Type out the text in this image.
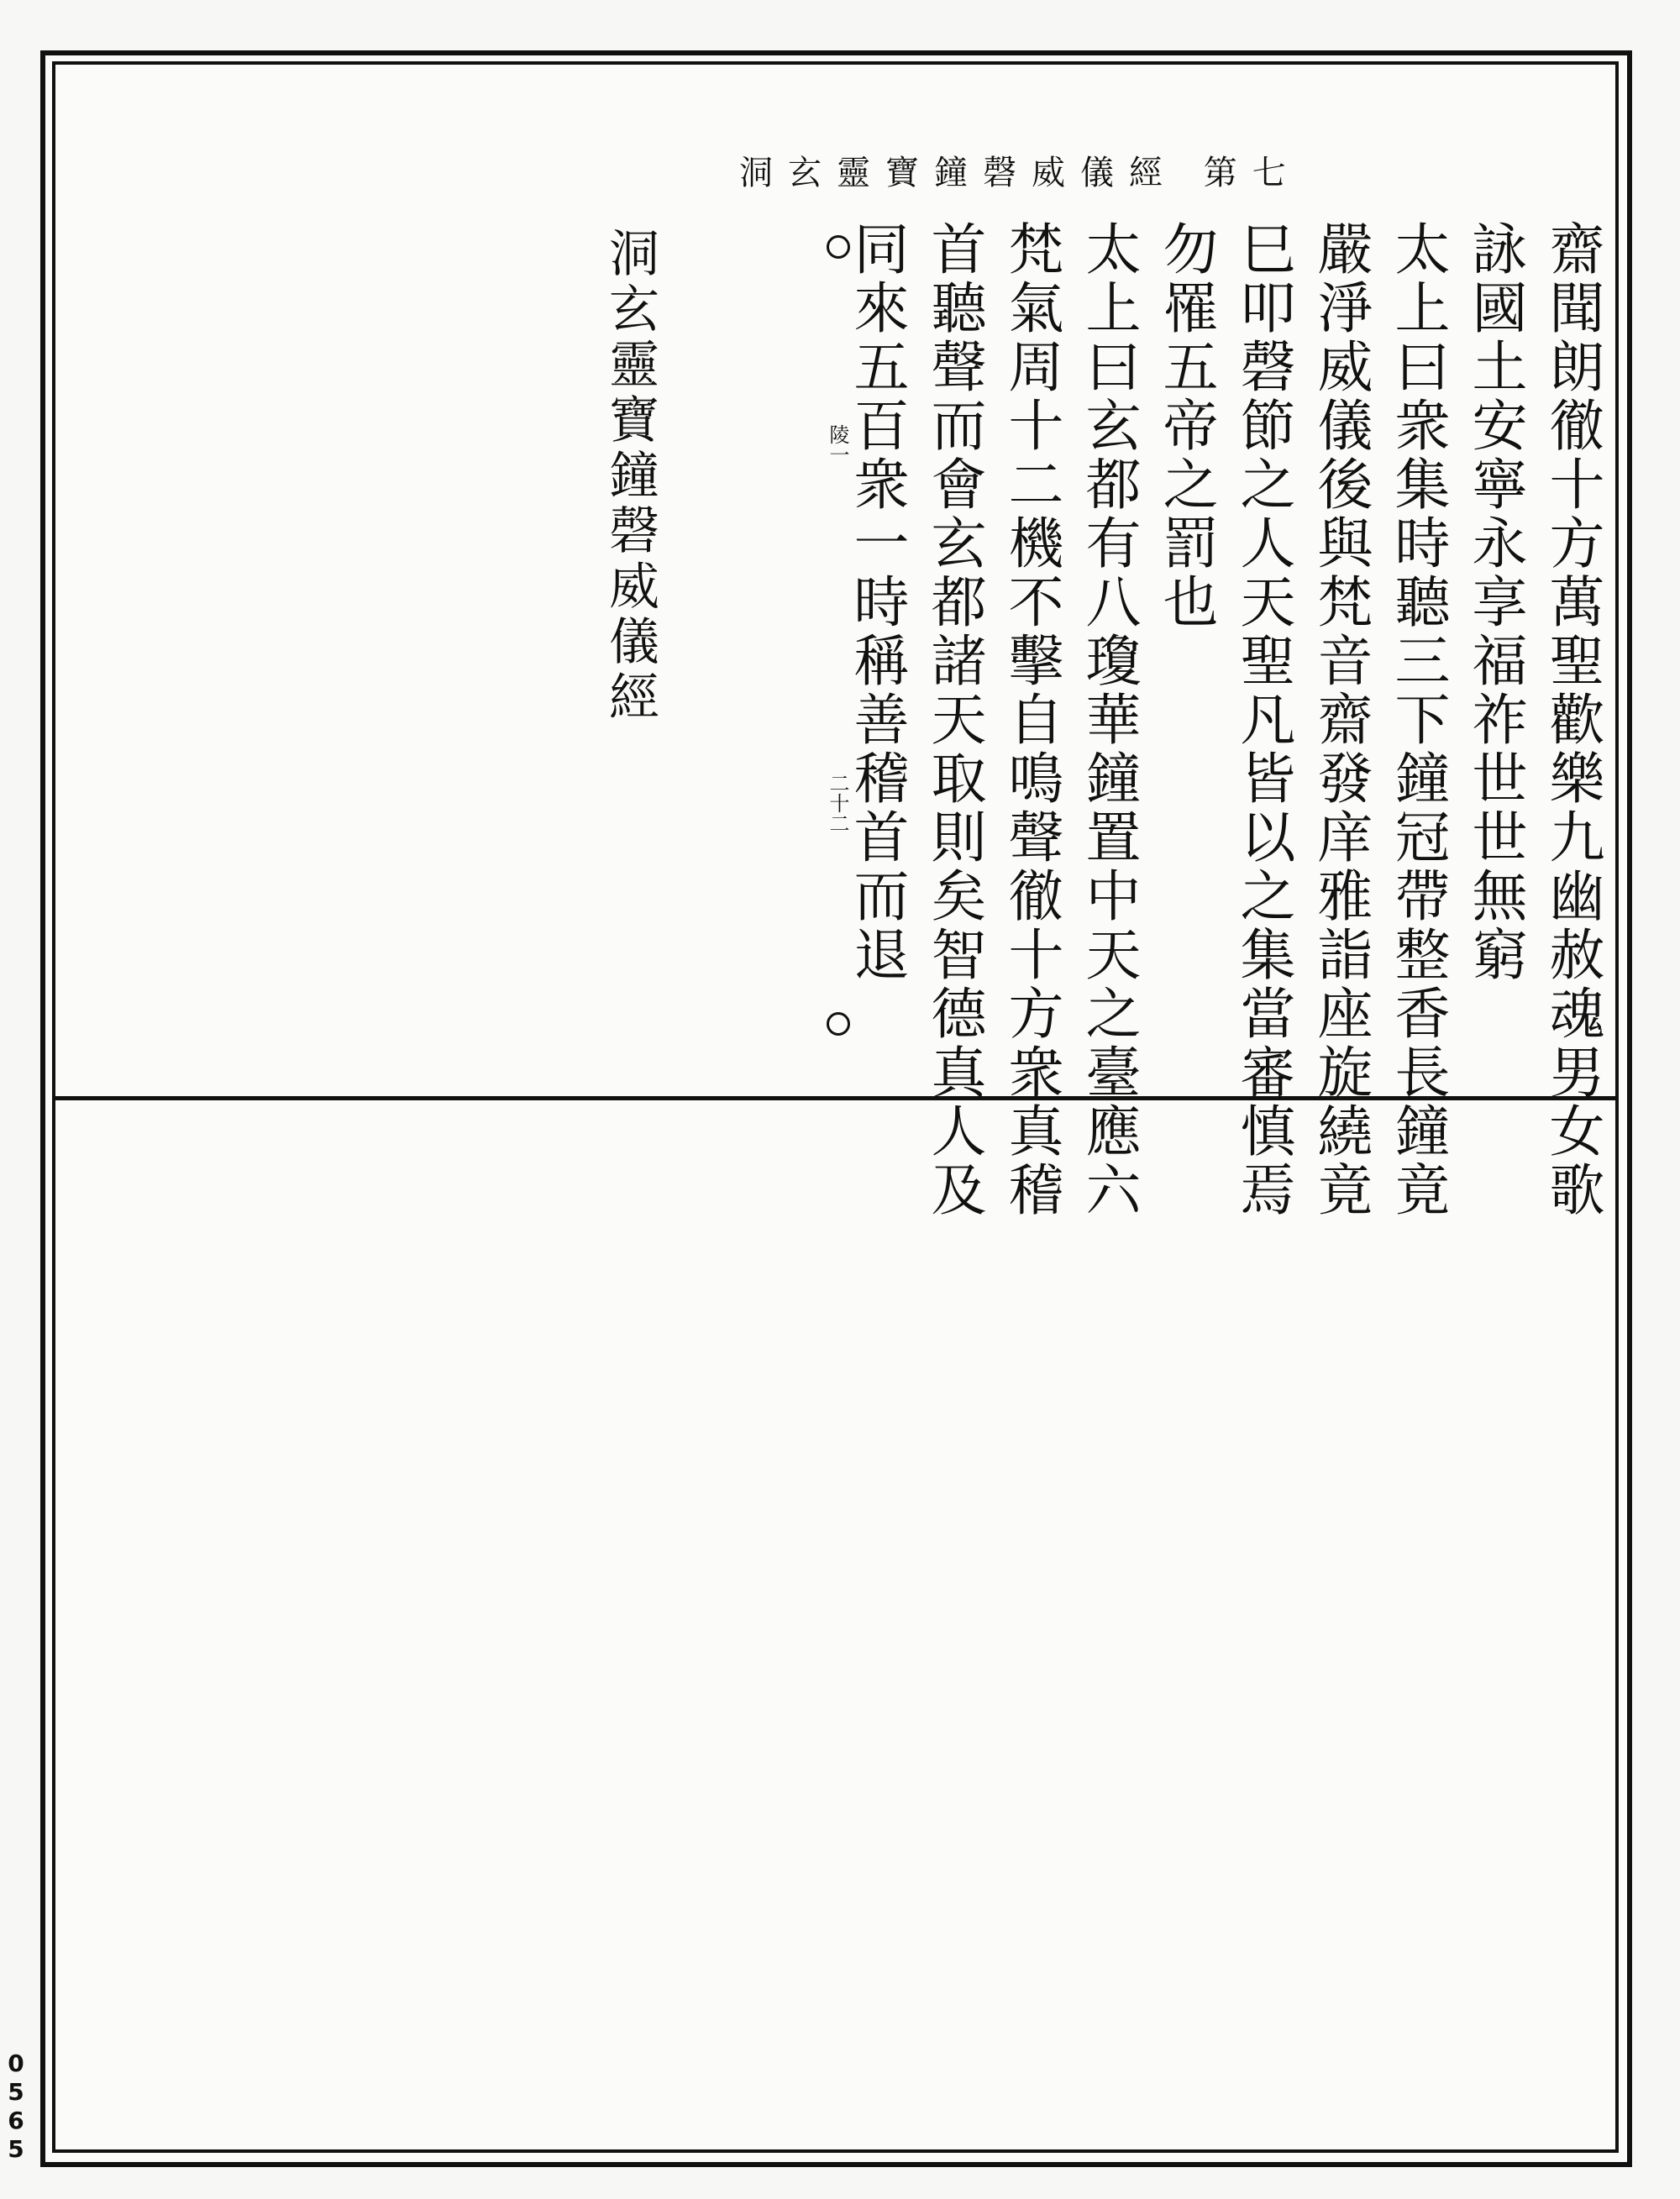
洞玄靈寶鐘磬威儀經 第七

齋聞朗徹十方萬聖歡樂九幽赦魂男女歌

詠國土安寧永享福祚世世無窮

太上曰衆集時聽三下鐘冠帶整香長鐘竟

嚴淨威儀後與梵音齋發庠雅詣座旋繞竟

巳叩磬節之人天聖凡皆以之集當審慎焉

勿罹五帝之罰也

太上曰玄都有八瓊華鐘置中天之臺應六

梵氣周十二機不擊自鳴聲徹十方衆真稽

首聽聲而會玄都諸天取則矣智德真人及

同來五百衆一時稱善稽首而退

陵一

二十二

洞玄靈寶鐘磬威儀經

0
5
6
5
